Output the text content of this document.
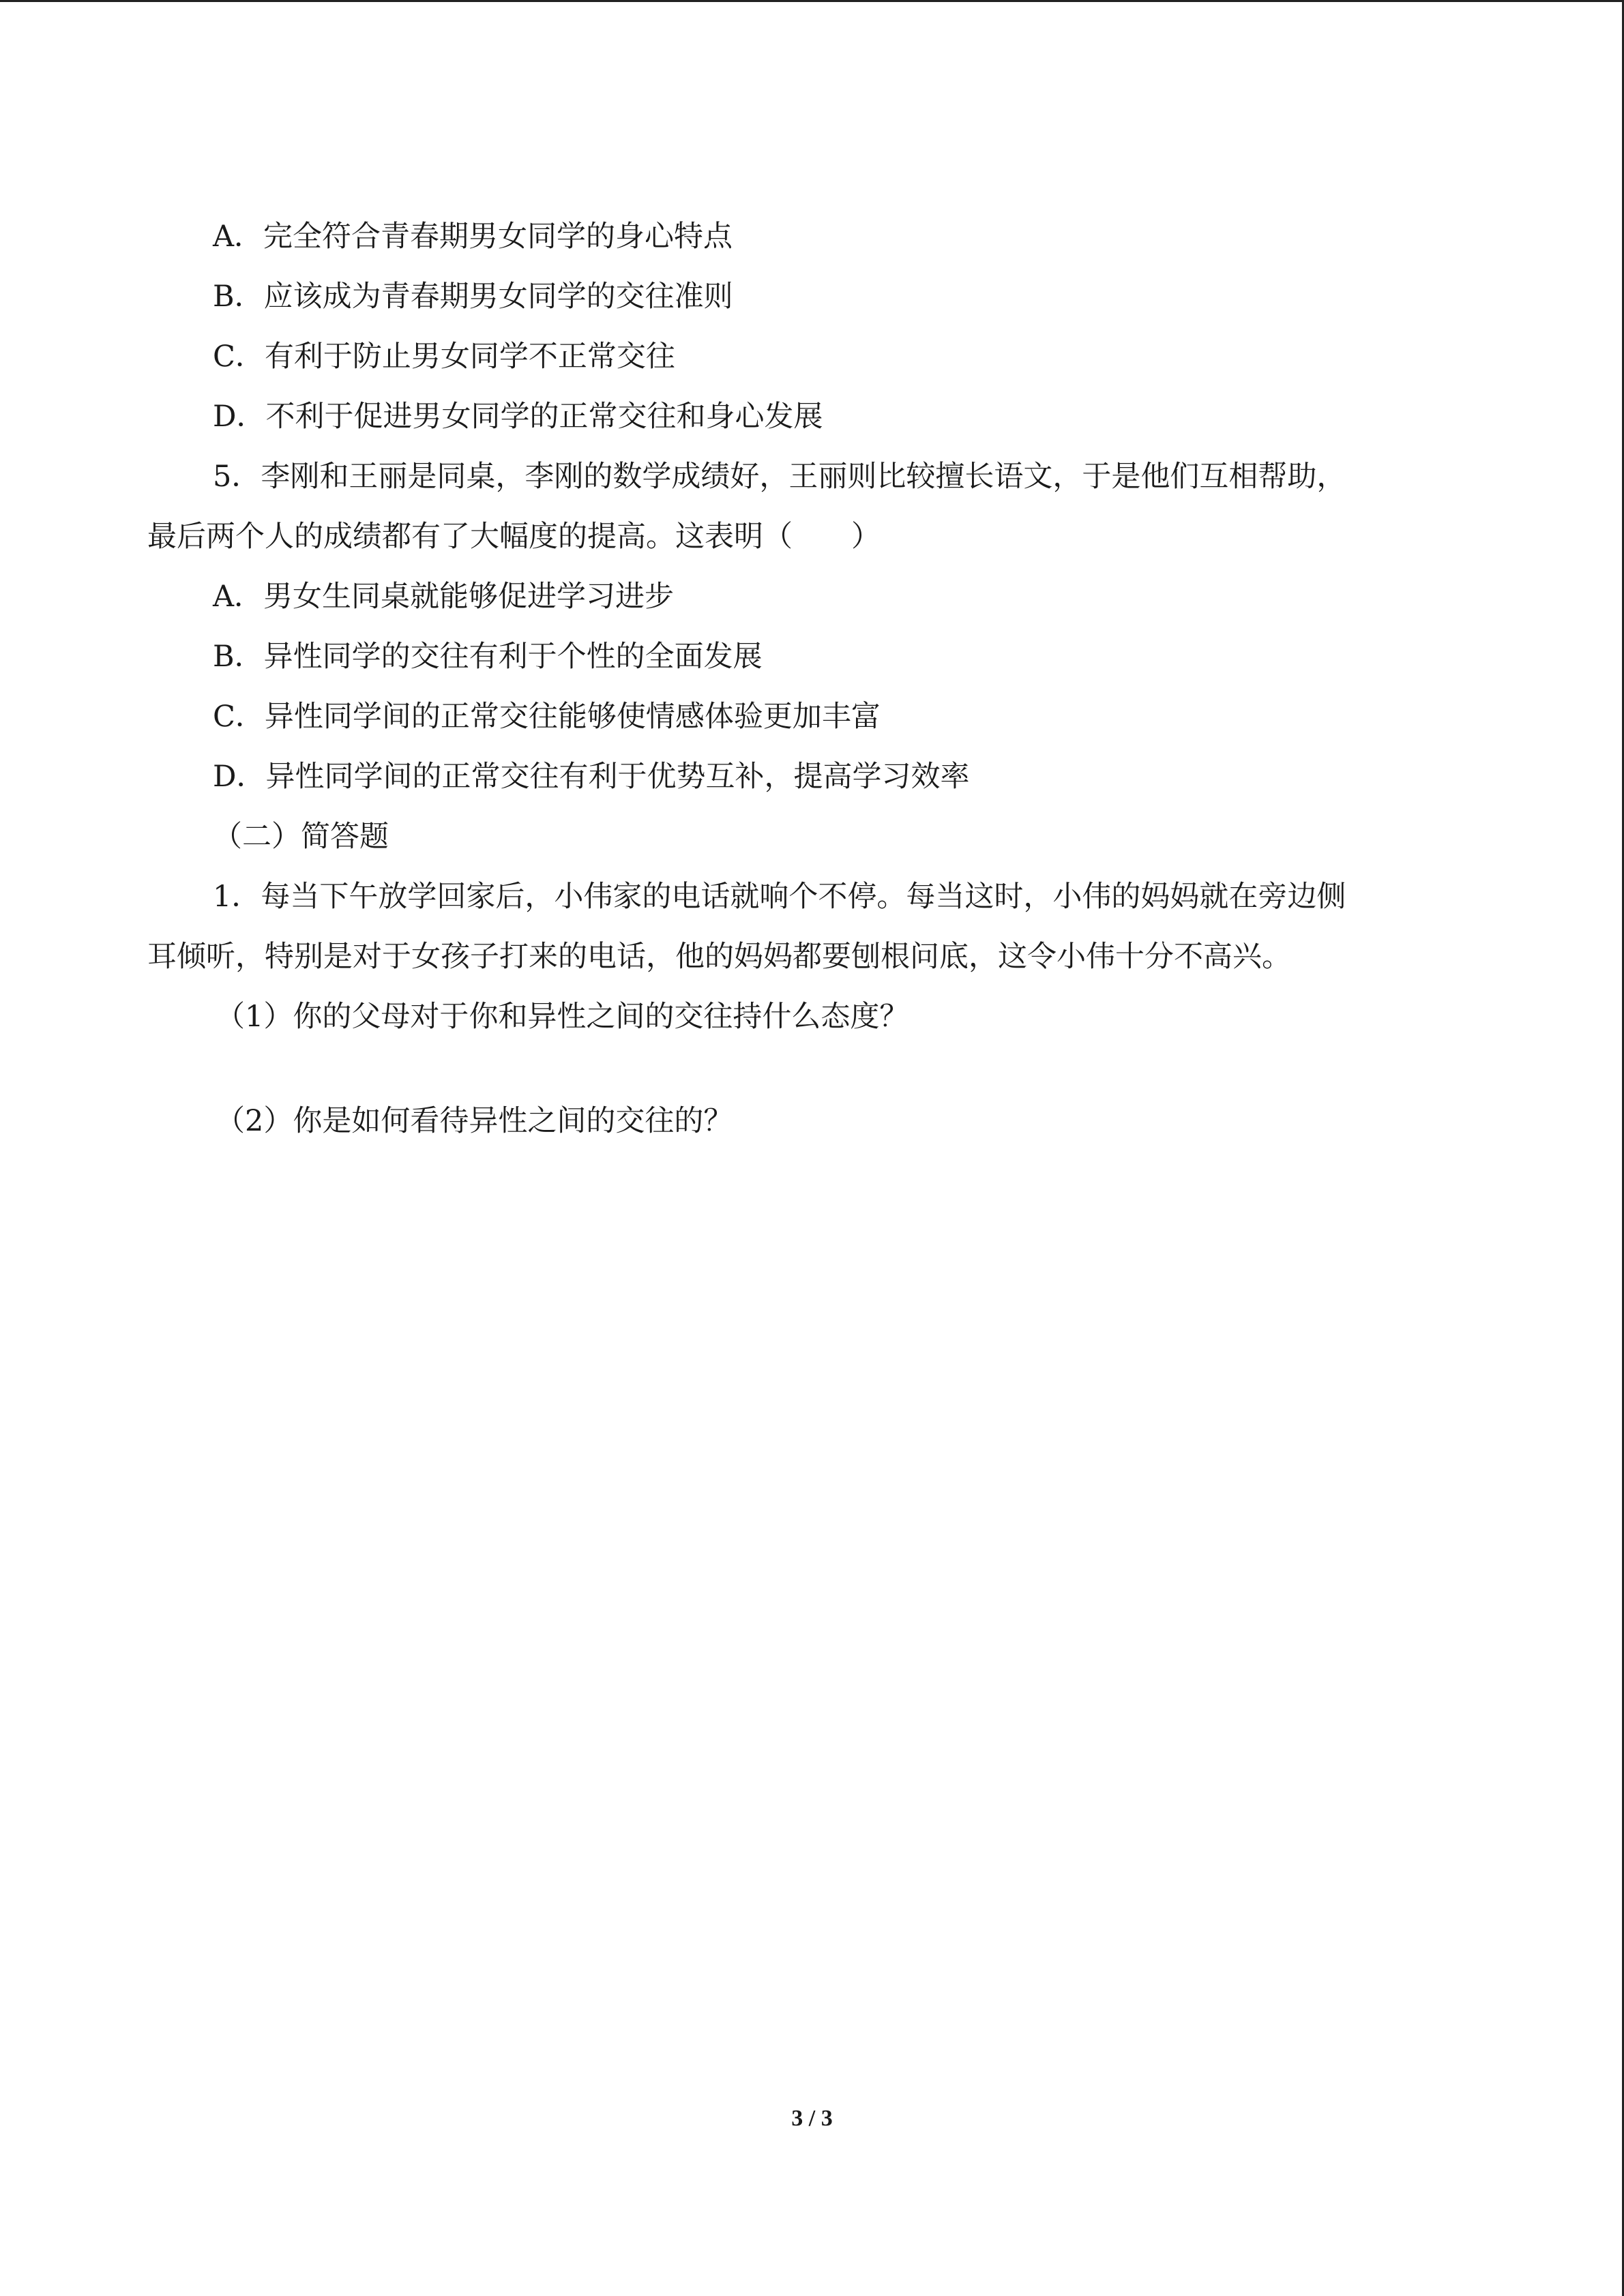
A．完全符合青春期男女同学的身心特点
B．应该成为青春期男女同学的交往准则
C．有利于防止男女同学不正常交往
D．不利于促进男女同学的正常交往和身心发展
5．李刚和王丽是同桌，李刚的数学成绩好，王丽则比较擅长语文，于是他们互相帮助，
最后两个人的成绩都有了大幅度的提高。这表明（　　）
A．男女生同桌就能够促进学习进步
B．异性同学的交往有利于个性的全面发展
C．异性同学间的正常交往能够使情感体验更加丰富
D．异性同学间的正常交往有利于优势互补，提高学习效率
（二）简答题
1．每当下午放学回家后，小伟家的电话就响个不停。每当这时，小伟的妈妈就在旁边侧
耳倾听，特别是对于女孩子打来的电话，他的妈妈都要刨根问底，这令小伟十分不高兴。
（1）你的父母对于你和异性之间的交往持什么态度？
（2）你是如何看待异性之间的交往的？
3 / 3
